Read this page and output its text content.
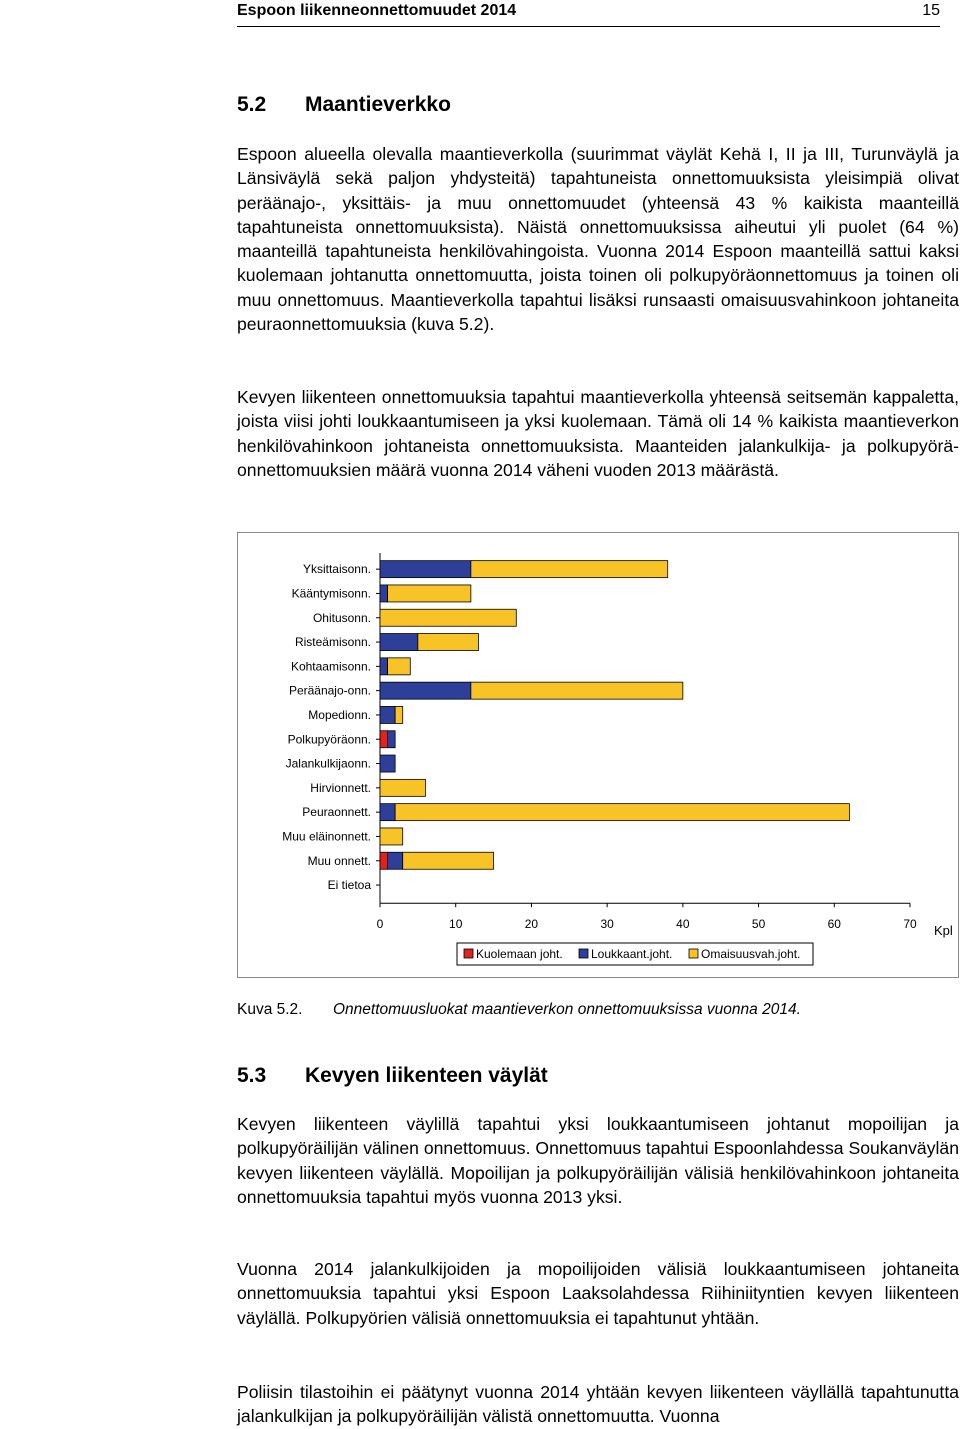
Espoon liikenneonnettomuudet 2014	15
5.2 Maantieverkko

Espoon alueella olevalla maantieverkolla (suurimmat väylät Kehä I, II ja III, Turunväylä ja Länsiväylä sekä paljon yhdysteitä) tapahtuneista onnettomuuksista yleisimpiä olivat peräänajo-, yksittäis- ja muu onnettomuudet (yhteensä 43 % kaikista maanteillä tapahtuneista onnettomuuksista). Näistä onnettomuuksissa aiheutui yli puolet (64 %) maanteillä tapahtuneista henkilövahingoista. Vuonna 2014 Espoon maanteillä sattui kaksi kuolemaan johtanutta onnettomuutta, joista toinen oli polkupyöräonnettomuus ja toinen oli muu onnettomuus. Maantieverkolla tapahtui lisäksi runsaasti omaisuusvahinkoon johtaneita peuraonnettomuuksia (kuva 5.2).

Kevyen liikenteen onnettomuuksia tapahtui maantieverkolla yhteensä seitsemän kappaletta, joista viisi johti loukkaantumiseen ja yksi kuolemaan. Tämä oli 14 % kaikista maantieverkon henkilövahinkoon johtaneista onnettomuuksista. Maanteiden jalankulkija- ja polkupyörä-onnettomuuksien määrä vuonna 2014 väheni vuoden 2013 määrästä.

Yksittaisonn.
Kääntymisonn.
Ohitusonn.
Risteämisonn.
Kohtaamisonn.
Peräänajo-onn.
Mopedionn.
Polkupyöräonn.
Jalankulkijaonn.
Hirvionnett.
Peuraonnett.
Muu eläinonnett.
Muu onnett.
Ei tietoa
0	10	20	30	40	50	60	70 Kpl
Kuolemaan joht. Loukkaant.joht. Omaisuusvah.joht.
Kuva 5.2. Onnettomuusluokat maantieverkon onnettomuuksissa vuonna 2014.
5.3 Kevyen liikenteen väylät

Kevyen liikenteen väylillä tapahtui yksi loukkaantumiseen johtanut mopoilijan ja polkupyöräilijän välinen onnettomuus. Onnettomuus tapahtui Espoonlahdessa Soukanväylän kevyen liikenteen väylällä. Mopoilijan ja polkupyöräilijän välisiä henkilövahinkoon johtaneita onnettomuuksia tapahtui myös vuonna 2013 yksi.

Vuonna 2014 jalankulkijoiden ja mopoilijoiden välisiä loukkaantumiseen johtaneita onnettomuuksia tapahtui yksi Espoon Laaksolahdessa Riihiniityntien kevyen liikenteen väylällä. Polkupyörien välisiä onnettomuuksia ei tapahtunut yhtään.

Poliisin tilastoihin ei päätynyt vuonna 2014 yhtään kevyen liikenteen väyllällä tapahtunutta jalankulkijan ja polkupyöräilijän välistä onnettomuutta. Vuonna
